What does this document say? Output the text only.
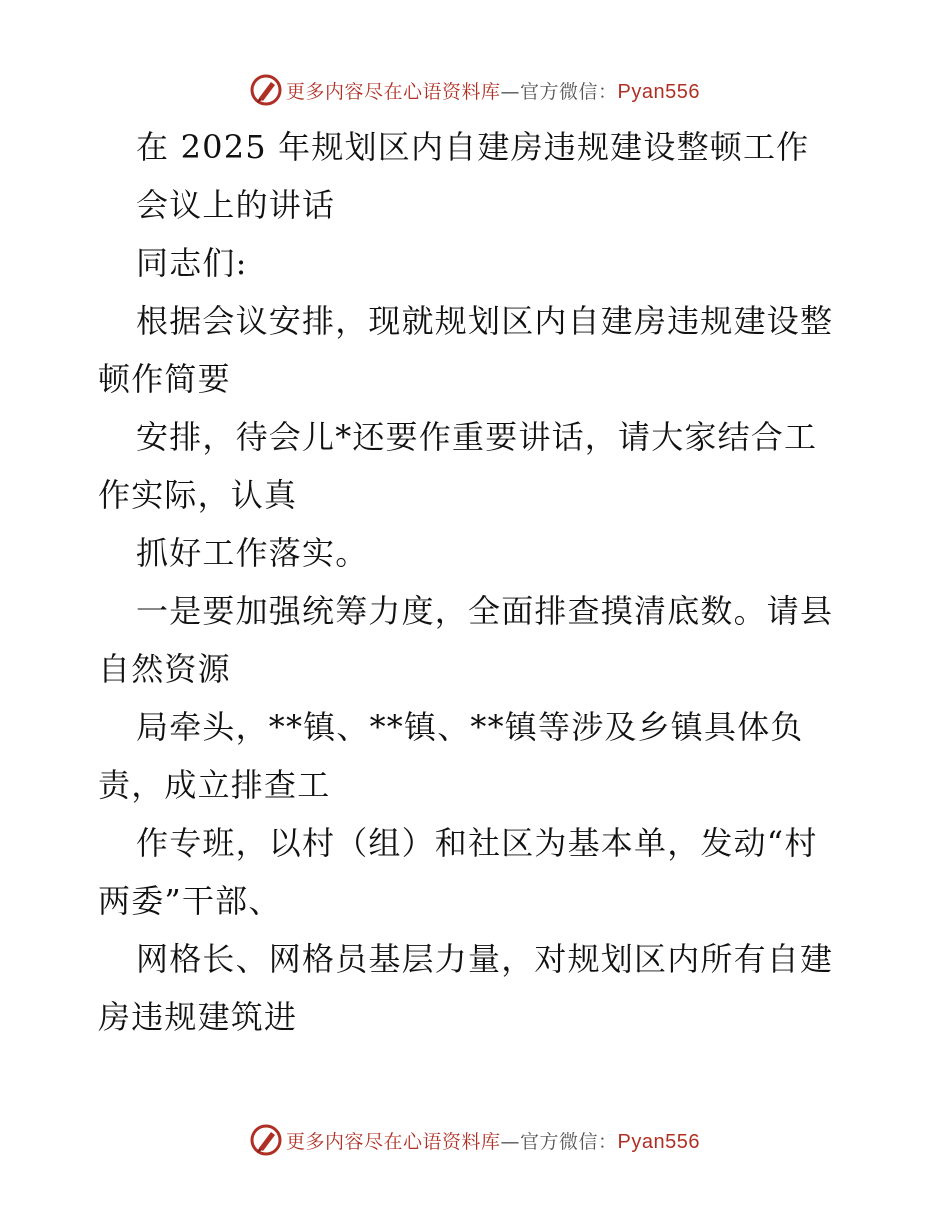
更多内容尽在心语资料库—官方微信：Pyan556
在 2025 年规划区内自建房违规建设整顿工作
会议上的讲话
同志们:
根据会议安排，现就规划区内自建房违规建设整
顿作简要
安排，待会儿*还要作重要讲话，请大家结合工
作实际，认真
抓好工作落实。
一是要加强统筹力度，全面排查摸清底数。请县
自然资源
局牵头，**镇、**镇、**镇等涉及乡镇具体负
责，成立排查工
作专班，以村（组）和社区为基本单，发动“村
两委”干部、
网格长、网格员基层力量，对规划区内所有自建
房违规建筑进
更多内容尽在心语资料库—官方微信：Pyan556
